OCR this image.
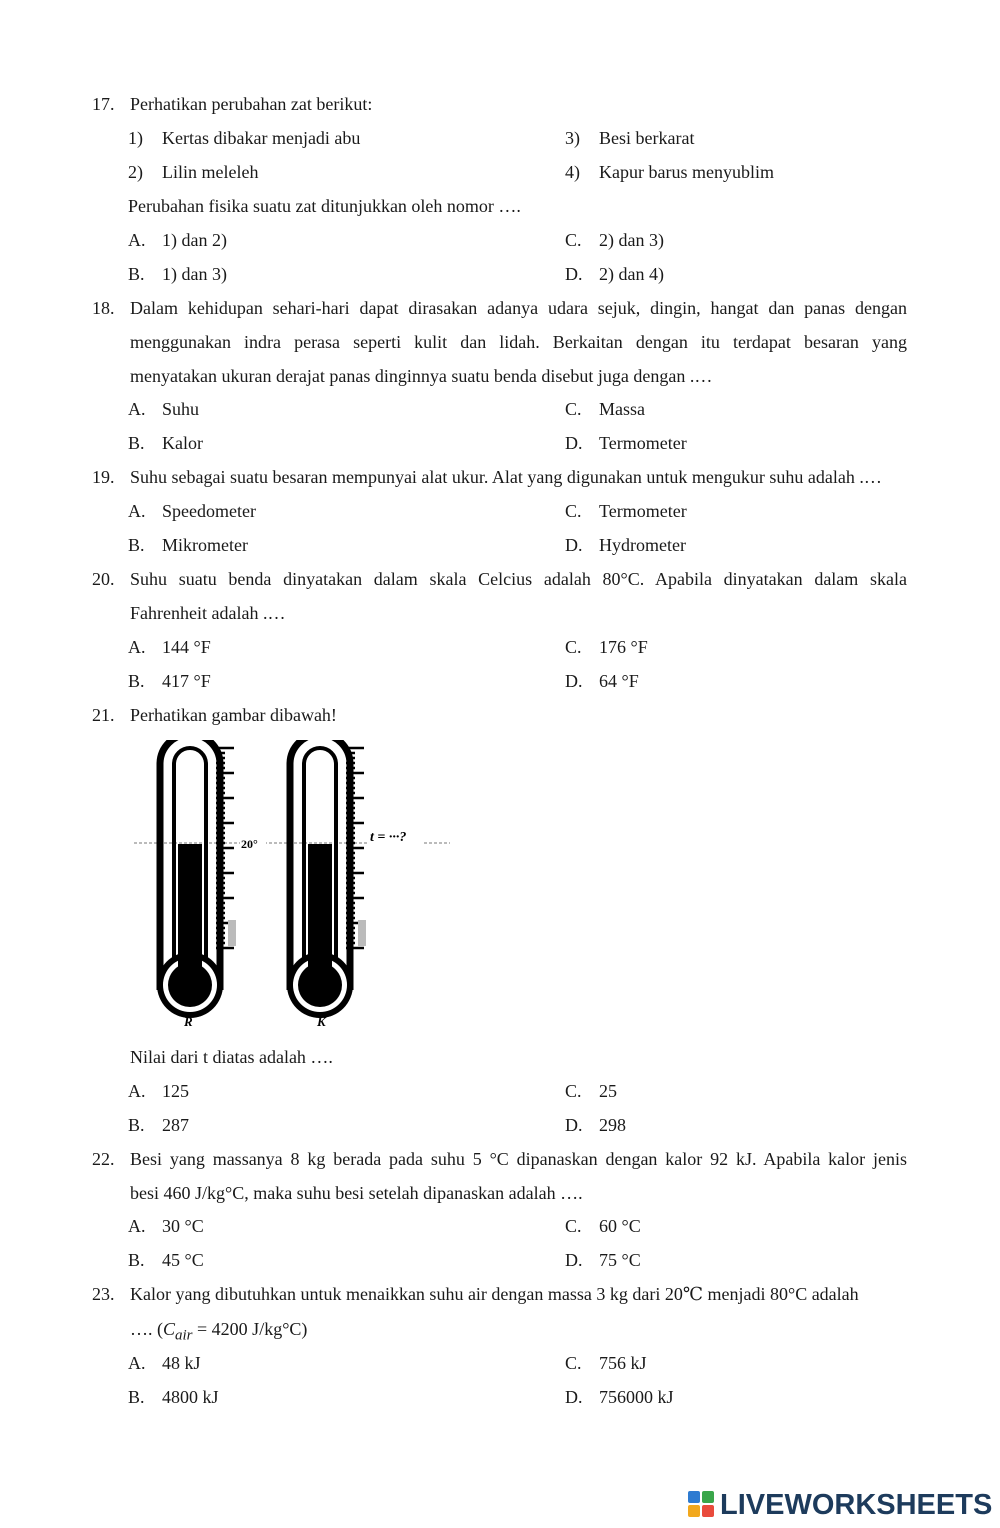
17. Perhatikan perubahan zat berikut:
1) Kertas dibakar menjadi abu	3) Besi berkarat
2) Lilin meleleh	4) Kapur barus menyublim
Perubahan fisika suatu zat ditunjukkan oleh nomor ….
A. 1) dan 2)	C. 2) dan 3)
B. 1) dan 3)	D. 2) dan 4)
18. Dalam kehidupan sehari-hari dapat dirasakan adanya udara sejuk, dingin, hangat dan panas dengan
menggunakan indra perasa seperti kulit dan lidah. Berkaitan dengan itu terdapat besaran yang
menyatakan ukuran derajat panas dinginnya suatu benda disebut juga dengan .…
A. Suhu	C. Massa
B. Kalor	D. Termometer
19. Suhu sebagai suatu besaran mempunyai alat ukur. Alat yang digunakan untuk mengukur suhu adalah .…
A. Speedometer	C. Termometer
B. Mikrometer	D. Hydrometer
20. Suhu suatu benda dinyatakan dalam skala Celcius adalah 80°C. Apabila dinyatakan dalam skala
Fahrenheit adalah .…
A. 144 °F	C. 176 °F
B. 417 °F	D. 64 °F
21. Perhatikan gambar dibawah!
20°	t = ···?
R	K
Nilai dari t diatas adalah ….
A. 125	C. 25
B. 287	D. 298
22. Besi yang massanya 8 kg berada pada suhu 5 °C dipanaskan dengan kalor 92 kJ. Apabila kalor jenis
besi 460 J/kg°C, maka suhu besi setelah dipanaskan adalah ….
A. 30 °C	C. 60 °C
B. 45 °C	D. 75 °C
23. Kalor yang dibutuhkan untuk menaikkan suhu air dengan massa 3 kg dari 20℃ menjadi 80°C adalah
…. ($C_{air} = 4200$ J/kg°C)
A. 48 kJ	C. 756 kJ
B. 4800 kJ	D. 756000 kJ
LIVEWORKSHEETS
